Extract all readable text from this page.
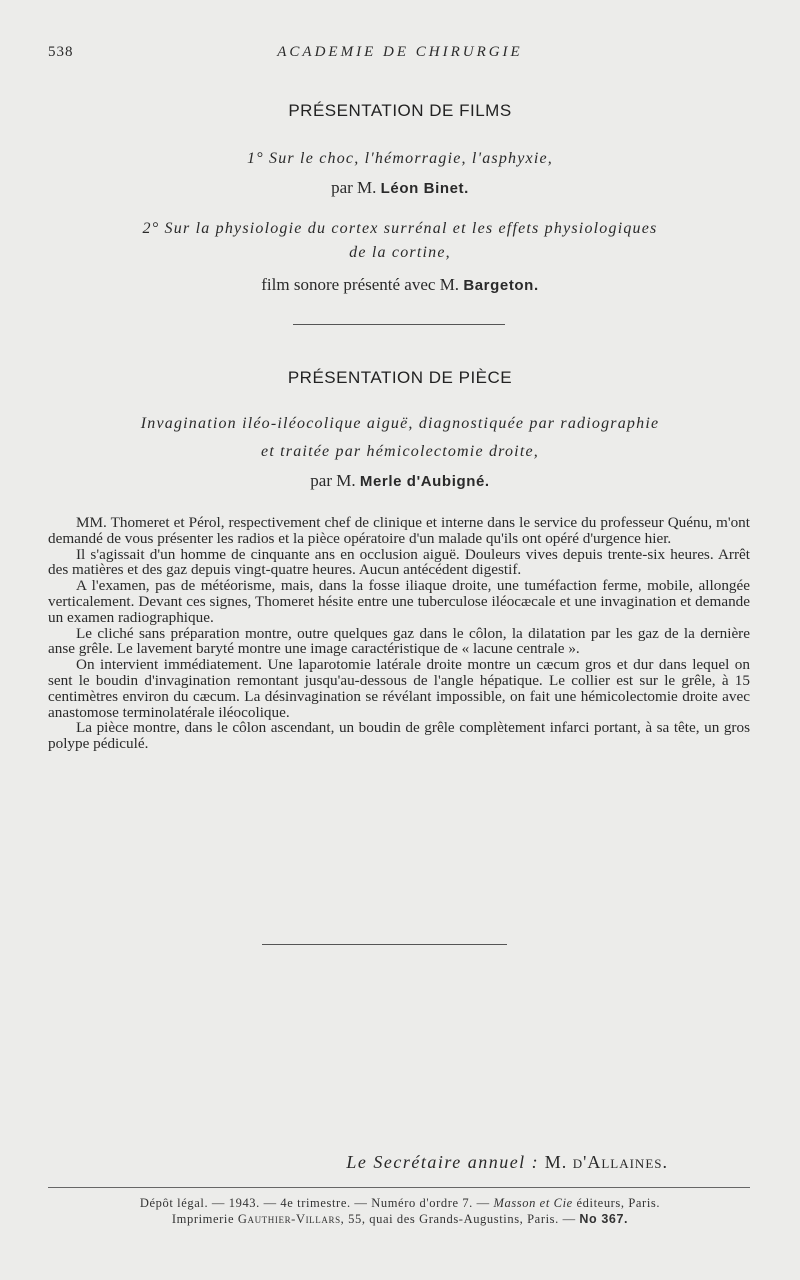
538	ACADEMIE DE CHIRURGIE
PRÉSENTATION DE FILMS
1° Sur le choc, l'hémorragie, l'asphyxie,
par M. Léon Binet.
2° Sur la physiologie du cortex surrénal et les effets physiologiques
de la cortine,
film sonore présenté avec M. Bargeton.
PRÉSENTATION DE PIÈCE
Invagination iléo-iléocolique aiguë, diagnostiquée par radiographie
et traitée par hémicolectomie droite,
par M. Merle d'Aubigné.

MM. Thomeret et Pérol, respectivement chef de clinique et interne dans le service du professeur Quénu, m'ont demandé de vous présenter les radios et la pièce opératoire d'un malade qu'ils ont opéré d'urgence hier.

Il s'agissait d'un homme de cinquante ans en occlusion aiguë. Douleurs vives depuis trente-six heures. Arrêt des matières et des gaz depuis vingt-quatre heures. Aucun antécédent digestif.

A l'examen, pas de météorisme, mais, dans la fosse iliaque droite, une tuméfaction ferme, mobile, allongée verticalement. Devant ces signes, Thomeret hésite entre une tuberculose iléocæcale et une invagination et demande un examen radiographique.

Le cliché sans préparation montre, outre quelques gaz dans le côlon, la dilatation par les gaz de la dernière anse grêle. Le lavement baryté montre une image caractéristique de « lacune centrale ».

On intervient immédiatement. Une laparotomie latérale droite montre un cæcum gros et dur dans lequel on sent le boudin d'invagination remontant jusqu'au-dessous de l'angle hépatique. Le collier est sur le grêle, à 15 centimètres environ du cæcum. La désinvagination se révélant impossible, on fait une hémicolectomie droite avec anastomose terminolatérale iléocolique.

La pièce montre, dans le côlon ascendant, un boudin de grêle complètement infarci portant, à sa tête, un gros polype pédiculé.

Le Secrétaire annuel : M. d'Allaines.
Dépôt légal. — 1943. — 4e trimestre. — Numéro d'ordre 7. — Masson et Cie éditeurs, Paris.
Imprimerie Gauthier-Villars, 55, quai des Grands-Augustins, Paris. — No 367.
